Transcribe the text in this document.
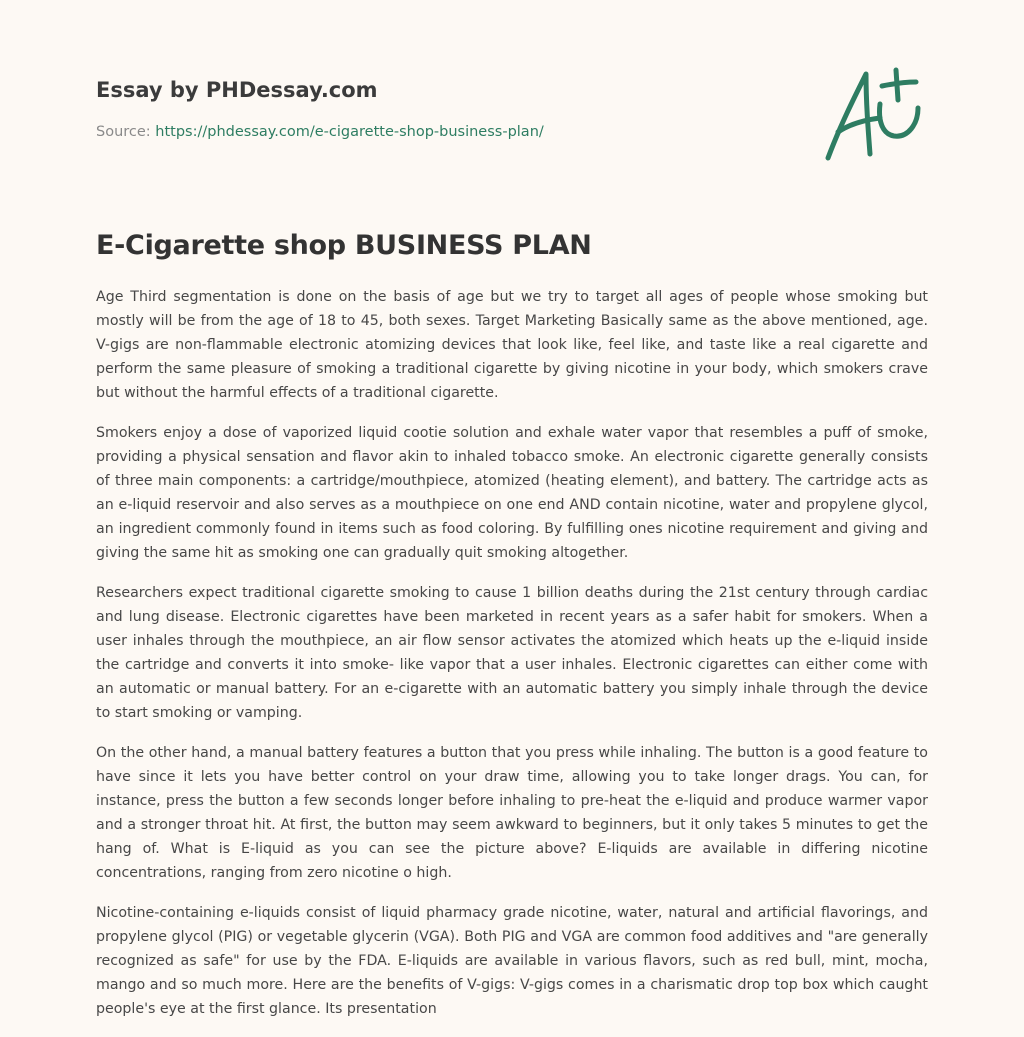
Essay by PHDessay.com
Source: https://phdessay.com/e-cigarette-shop-business-plan/
E-Cigarette shop BUSINESS PLAN

Age Third segmentation is done on the basis of age but we try to target all ages of people whose smoking but mostly will be from the age of 18 to 45, both sexes. Target Marketing Basically same as the above mentioned, age. V-gigs are non-flammable electronic atomizing devices that look like, feel like, and taste like a real cigarette and perform the same pleasure of smoking a traditional cigarette by giving nicotine in your body, which smokers crave but without the harmful effects of a traditional cigarette.

Smokers enjoy a dose of vaporized liquid cootie solution and exhale water vapor that resembles a puff of smoke, providing a physical sensation and flavor akin to inhaled tobacco smoke. An electronic cigarette generally consists of three main components: a cartridge/mouthpiece, atomized (heating element), and battery. The cartridge acts as an e-liquid reservoir and also serves as a mouthpiece on one end AND contain nicotine, water and propylene glycol, an ingredient commonly found in items such as food coloring. By fulfilling ones nicotine requirement and giving and giving the same hit as smoking one can gradually quit smoking altogether.

Researchers expect traditional cigarette smoking to cause 1 billion deaths during the 21st century through cardiac and lung disease. Electronic cigarettes have been marketed in recent years as a safer habit for smokers. When a user inhales through the mouthpiece, an air flow sensor activates the atomized which heats up the e-liquid inside the cartridge and converts it into smoke- like vapor that a user inhales. Electronic cigarettes can either come with an automatic or manual battery. For an e-cigarette with an automatic battery you simply inhale through the device to start smoking or vamping.

On the other hand, a manual battery features a button that you press while inhaling. The button is a good feature to have since it lets you have better control on your draw time, allowing you to take longer drags. You can, for instance, press the button a few seconds longer before inhaling to pre-heat the e-liquid and produce warmer vapor and a stronger throat hit. At first, the button may seem awkward to beginners, but it only takes 5 minutes to get the hang of. What is E-liquid as you can see the picture above? E-liquids are available in differing nicotine concentrations, ranging from zero nicotine o high.

Nicotine-containing e-liquids consist of liquid pharmacy grade nicotine, water, natural and artificial flavorings, and propylene glycol (PIG) or vegetable glycerin (VGA). Both PIG and VGA are common food additives and "are generally recognized as safe" for use by the FDA. E-liquids are available in various flavors, such as red bull, mint, mocha, mango and so much more. Here are the benefits of V-gigs: V-gigs comes in a charismatic drop top box which caught people's eye at the first glance. Its presentation
